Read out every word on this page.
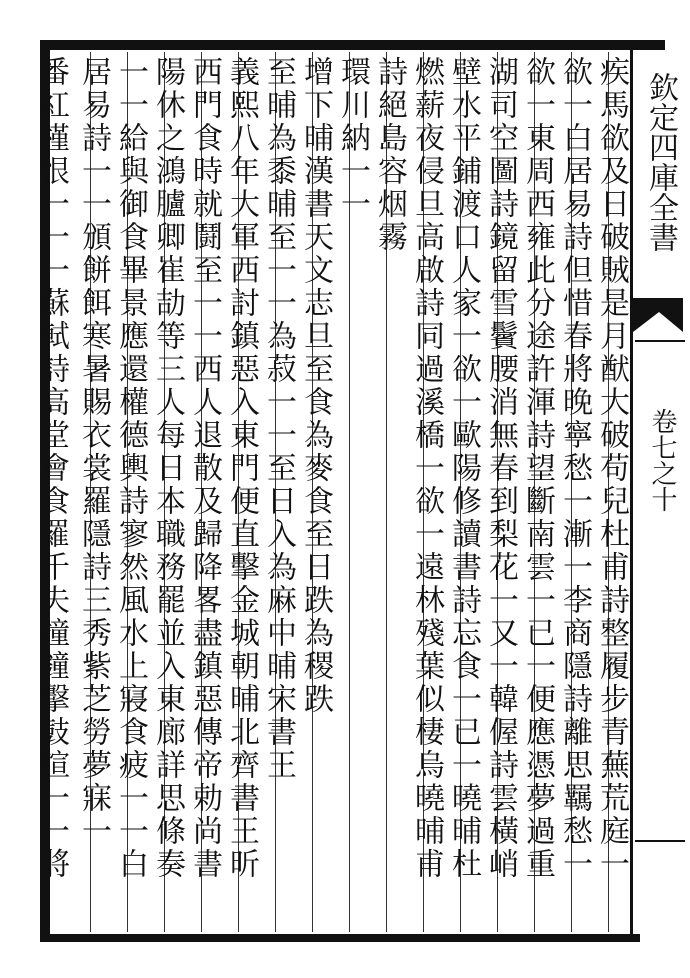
欽定四庫全書
卷七之十
疾馬欲及日破賊是月猷大破苟兒杜甫詩整履步青蕪荒庭一
欲一白居易詩但惜春將晚寧愁一漸一李商隱詩離思羈愁一
欲一東周西雍此分途許渾詩望斷南雲一已一便應憑夢過重
湖司空圖詩鏡留雪鬢腰消無春到梨花一又一韓偓詩雲橫峭
壁水平鋪渡口人家一欲一歐陽修讀書詩忘食一已一曉晡杜
燃薪夜侵旦高啟詩同過溪橋一欲一遠林殘葉似棲烏曉晡甫
詩絕島容烟霧
環川納一一
增下晡漢書天文志旦至食為麥食至日跌為稷跌
至晡為黍晡至一一為菽一一至日入為麻中晡宋書王
義熙八年大軍西討鎮惡入東門便直擊金城朝晡北齊書王昕
西門食時就鬪至一一西人退散及歸降畧盡鎮惡傳帝勅尚書
陽休之鴻臚卿崔劼等三人每日本職務罷並入東廊詳思條奏
一一給與御食畢景應還權德輿詩寥然風水上寢食疲一一白
居易詩一一頒餅餌寒暑賜衣裳羅隱詩三秀紫芝勞夢寐一
番紅槿恨一一一蘇軾詩高堂會食羅千夫撞鐘擊鼓喧一一將
